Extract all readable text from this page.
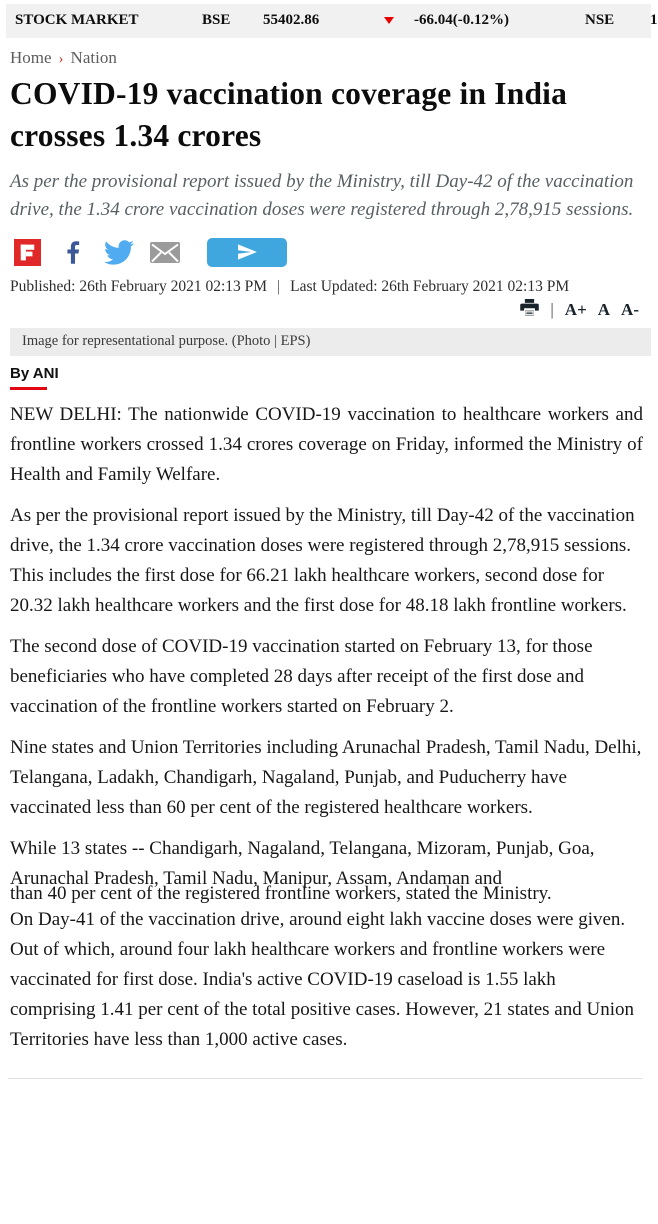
STOCK MARKET	BSE 55402.86	-66.04(-0.12%)	NSE 1
Home › Nation
COVID-19 vaccination coverage in India crosses 1.34 crores
As per the provisional report issued by the Ministry, till Day-42 of the vaccination drive, the 1.34 crore vaccination doses were registered through 2,78,915 sessions.
Published: 26th February 2021 02:13 PM | Last Updated: 26th February 2021 02:13 PM
| A+ A A-
Image for representational purpose. (Photo | EPS)
By ANI

NEW DELHI: The nationwide COVID-19 vaccination to healthcare workers and frontline workers crossed 1.34 crores coverage on Friday, informed the Ministry of Health and Family Welfare.

As per the provisional report issued by the Ministry, till Day-42 of the vaccination drive, the 1.34 crore vaccination doses were registered through 2,78,915 sessions. This includes the first dose for 66.21 lakh healthcare workers, second dose for 20.32 lakh healthcare workers and the first dose for 48.18 lakh frontline workers.

The second dose of COVID-19 vaccination started on February 13, for those beneficiaries who have completed 28 days after receipt of the first dose and vaccination of the frontline workers started on February 2.

Nine states and Union Territories including Arunachal Pradesh, Tamil Nadu, Delhi, Telangana, Ladakh, Chandigarh, Nagaland, Punjab, and Puducherry have vaccinated less than 60 per cent of the registered healthcare workers.

While 13 states -- Chandigarh, Nagaland, Telangana, Mizoram, Punjab, Goa, Arunachal Pradesh, Tamil Nadu, Manipur, Assam, Andaman and
than 40 per cent of the registered frontline workers, stated the Ministry.

On Day-41 of the vaccination drive, around eight lakh vaccine doses were given. Out of which, around four lakh healthcare workers and frontline workers were vaccinated for first dose. India's active COVID-19 caseload is 1.55 lakh comprising 1.41 per cent of the total positive cases. However, 21 states and Union Territories have less than 1,000 active cases.
